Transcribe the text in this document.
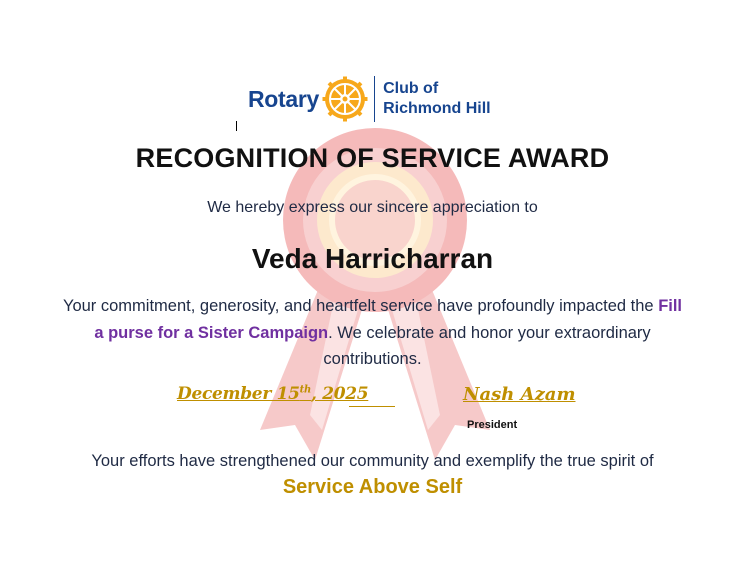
Rotary	Club of
Richmond Hill
RECOGNITION OF SERVICE AWARD
We hereby express our sincere appreciation to
Veda Harricharran
Your commitment, generosity, and heartfelt service have profoundly impacted the Fill a purse for a Sister Campaign. We celebrate and honor your extraordinary contributions.
December 15th, 2025	Nash Azam
President
Your efforts have strengthened our community and exemplify the true spirit of
Service Above Self
